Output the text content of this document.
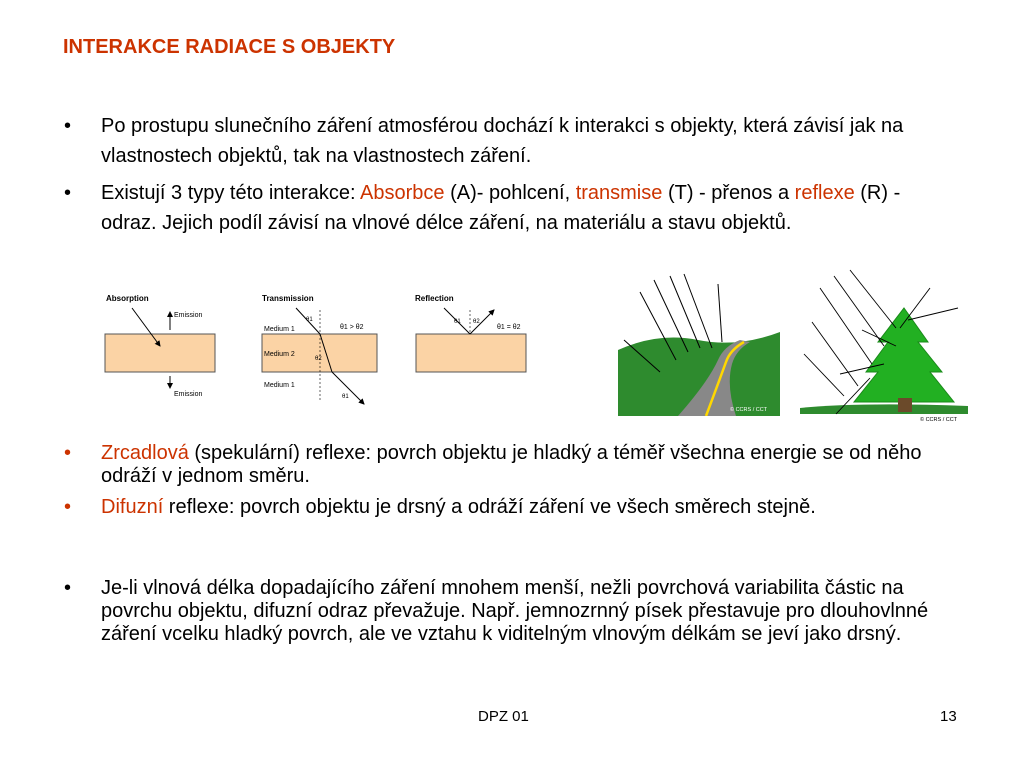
INTERAKCE RADIACE S OBJEKTY
• Po prostupu slunečního záření atmosférou dochází k interakci s objekty, která závisí jak na vlastnostech objektů, tak na vlastnostech záření.
• Existují 3 typy této interakce: Absorbce (A)- pohlcení, transmise (T) - přenos a reflexe (R) - odraz. Jejich podíl závisí na vlnové délce záření, na materiálu a stavu objektů.
Absorption
Emission
Emission
Transmission
Medium 1
Medium 2
Medium 1
θ1
θ2
θ1
θ1 > θ2
Reflection
θ1 θ2
θ1 = θ2
© CCRS / CCT
© CCRS / CCT
• Zrcadlová (spekulární) reflexe: povrch objektu je hladký a téměř všechna energie se od něho odráží v jednom směru.
• Difuzní reflexe: povrch objektu je drsný a odráží záření ve všech směrech stejně.
• Je-li vlnová délka dopadajícího záření mnohem menší, nežli povrchová variabilita částic na povrchu objektu, difuzní odraz převažuje. Např. jemnozrnný písek přestavuje pro dlouhovlnné záření vcelku hladký povrch, ale ve vztahu k viditelným vlnovým délkám se jeví jako drsný.
DPZ 01	13
